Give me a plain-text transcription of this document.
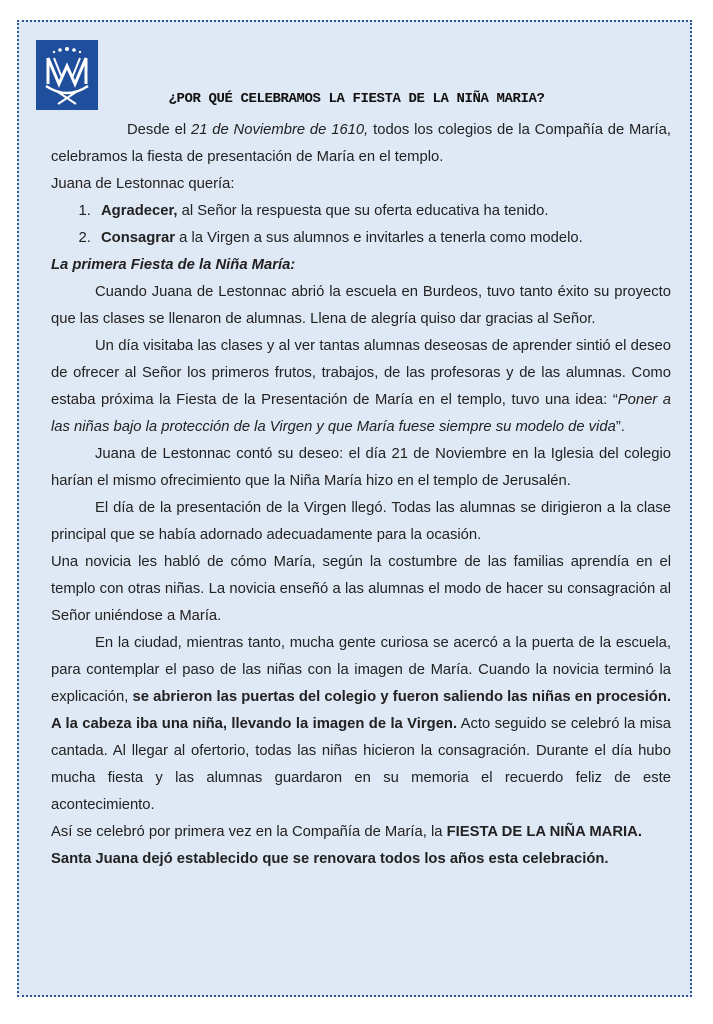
¿POR QUÉ CELEBRAMOS LA FIESTA DE LA NIÑA MARIA?

Desde el 21 de Noviembre de 1610, todos los colegios de la Compañía de María, celebramos la fiesta de presentación de María en el templo.

Juana de Lestonnac quería:

1. Agradecer, al Señor la respuesta que su oferta educativa ha tenido.
2. Consagrar a la Virgen a sus alumnos e invitarles a tenerla como modelo.

La primera Fiesta de la Niña María:

Cuando Juana de Lestonnac abrió la escuela en Burdeos, tuvo tanto éxito su proyecto que las clases se llenaron de alumnas. Llena de alegría quiso dar gracias al Señor.

Un día visitaba las clases y al ver tantas alumnas deseosas de aprender sintió el deseo de ofrecer al Señor los primeros frutos, trabajos, de las profesoras y de las alumnas. Como estaba próxima la Fiesta de la Presentación de María en el templo, tuvo una idea: “Poner a las niñas bajo la protección de la Virgen y que María fuese siempre su modelo de vida”.

Juana de Lestonnac contó su deseo: el día 21 de Noviembre en la Iglesia del colegio harían el mismo ofrecimiento que la Niña María hizo en el templo de Jerusalén.

El día de la presentación de la Virgen llegó. Todas las alumnas se dirigieron a la clase principal que se había adornado adecuadamente para la ocasión.

Una novicia les habló de cómo María, según la costumbre de las familias aprendía en el templo con otras niñas. La novicia enseñó a las alumnas el modo de hacer su consagración al Señor uniéndose a María.

En la ciudad, mientras tanto, mucha gente curiosa se acercó a la puerta de la escuela, para contemplar el paso de las niñas con la imagen de María. Cuando la novicia terminó la explicación, se abrieron las puertas del colegio y fueron saliendo las niñas en procesión. A la cabeza iba una niña, llevando la imagen de la Virgen. Acto seguido se celebró la misa cantada. Al llegar al ofertorio, todas las niñas hicieron la consagración. Durante el día hubo mucha fiesta y las alumnas guardaron en su memoria el recuerdo feliz de este acontecimiento.

Así se celebró por primera vez en la Compañía de María, la FIESTA DE LA NIÑA MARIA.

Santa Juana dejó establecido que se renovara todos los años esta celebración.
